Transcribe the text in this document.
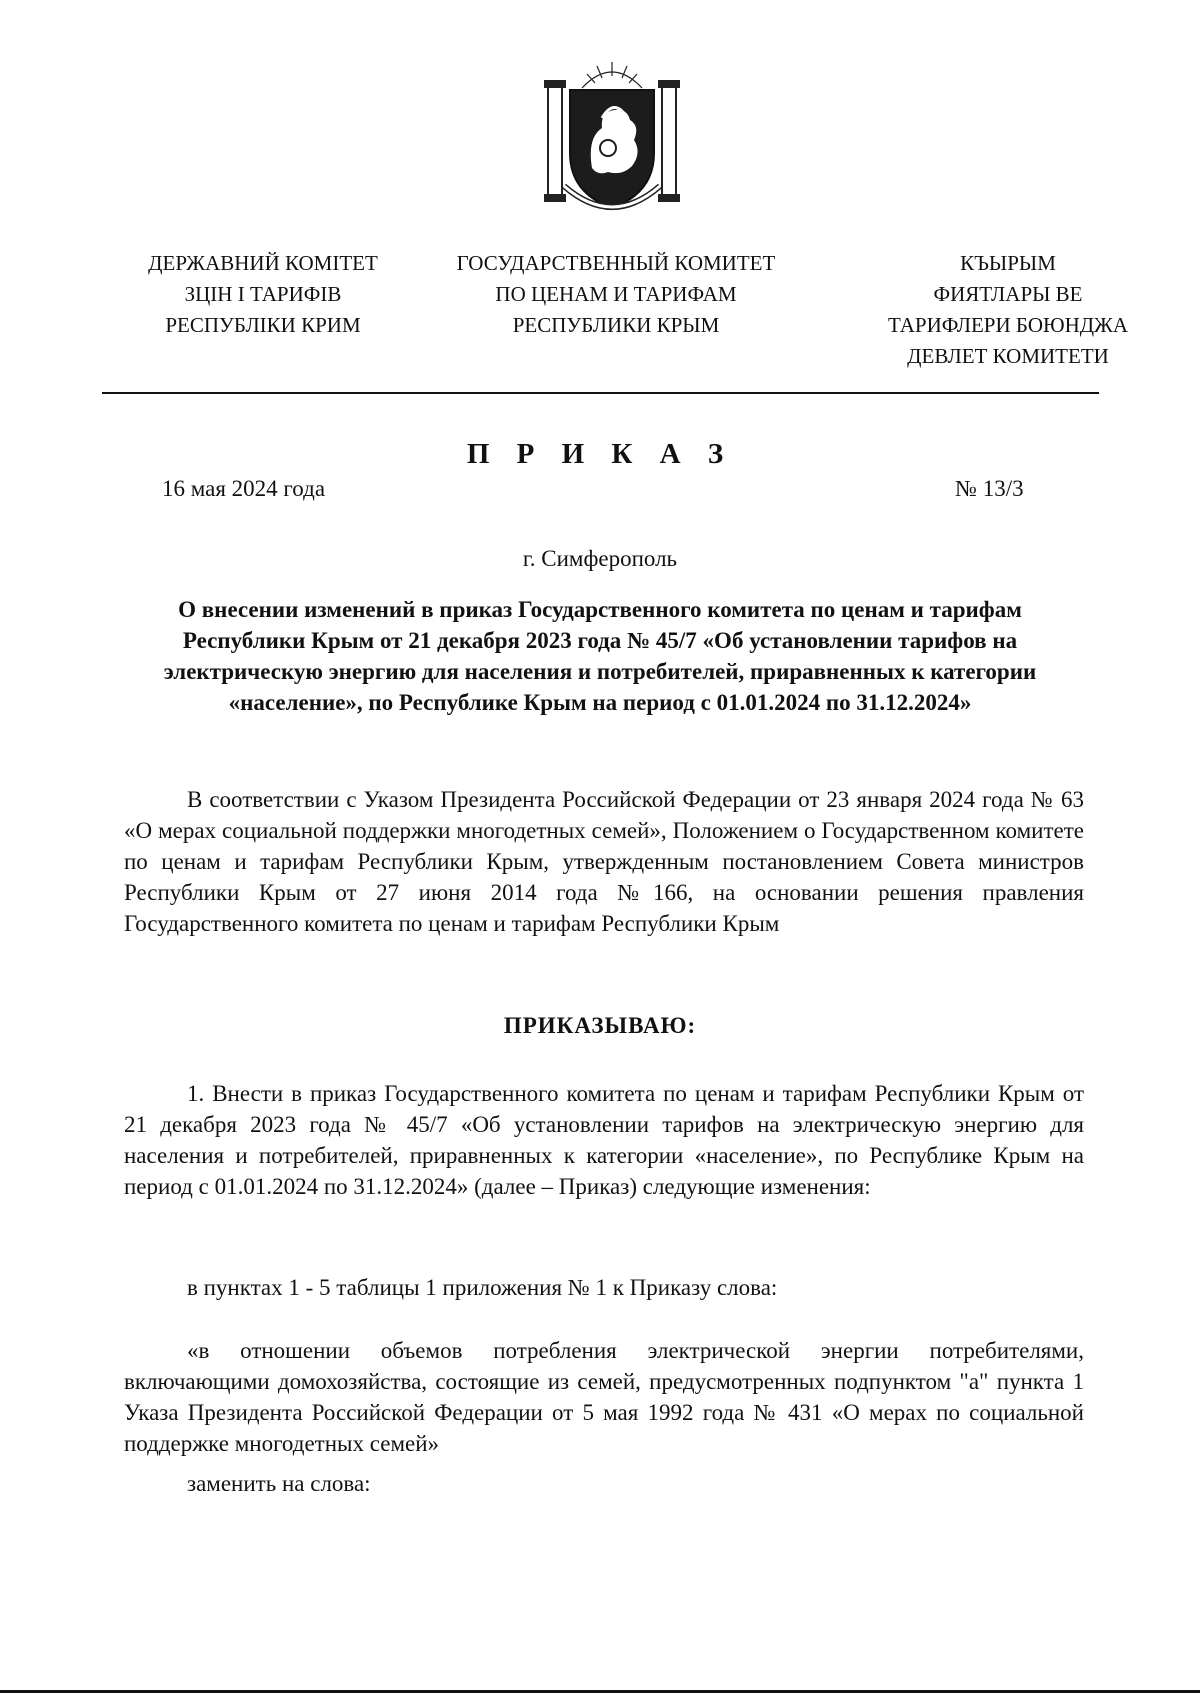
ДЕРЖАВНИЙ КОМІТЕТ
ЗЦІН І ТАРИФІВ
РЕСПУБЛІКИ КРИМ
ГОСУДАРСТВЕННЫЙ КОМИТЕТ
ПО ЦЕНАМ И ТАРИФАМ
РЕСПУБЛИКИ КРЫМ
КЪЫРЫМ
ФИЯТЛАРЫ ВЕ
ТАРИФЛЕРИ БОЮНДЖА
ДЕВЛЕТ КОМИТЕТИ
П Р И К А З
16 мая 2024 года	№ 13/3
г. Симферополь
О внесении изменений в приказ Государственного комитета по ценам и тарифам Республики Крым от 21 декабря 2023 года № 45/7 «Об установлении тарифов на электрическую энергию для населения и потребителей, приравненных к категории «население», по Республике Крым на период с 01.01.2024 по 31.12.2024»
В соответствии с Указом Президента Российской Федерации от 23 января 2024 года № 63 «О мерах социальной поддержки многодетных семей», Положением о Государственном комитете по ценам и тарифам Республики Крым, утвержденным постановлением Совета министров Республики Крым от 27 июня 2014 года №166, на основании решения правления Государственного комитета по ценам и тарифам Республики Крым
ПРИКАЗЫВАЮ:
1. Внести в приказ Государственного комитета по ценам и тарифам Республики Крым от 21 декабря 2023 года № 45/7 «Об установлении тарифов на электрическую энергию для населения и потребителей, приравненных к категории «население», по Республике Крым на период с 01.01.2024 по 31.12.2024» (далее – Приказ) следующие изменения:
в пунктах 1 - 5 таблицы 1 приложения № 1 к Приказу слова:
«в отношении объемов потребления электрической энергии потребителями, включающими домохозяйства, состоящие из семей, предусмотренных подпунктом "а" пункта 1 Указа Президента Российской Федерации от 5 мая 1992 года № 431 «О мерах по социальной поддержке многодетных семей»
заменить на слова:
